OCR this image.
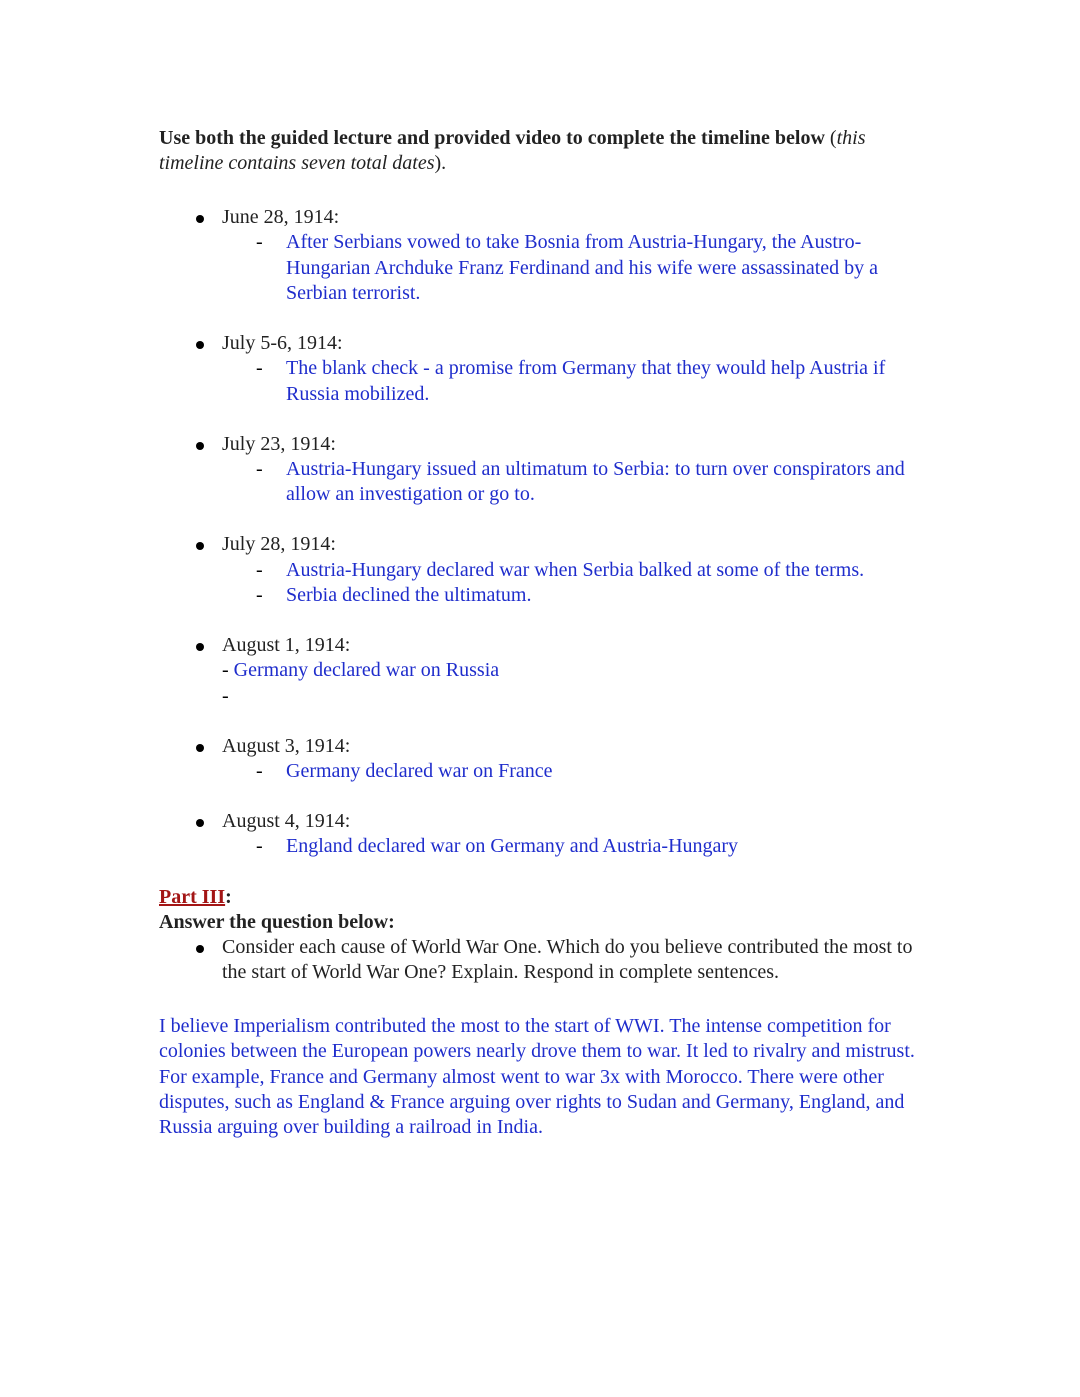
Use both the guided lecture and provided video to complete the timeline below (this timeline contains seven total dates).

June 28, 1914:
- After Serbians vowed to take Bosnia from Austria-Hungary, the Austro-Hungarian Archduke Franz Ferdinand and his wife were assassinated by a Serbian terrorist.
July 5-6, 1914:
- The blank check - a promise from Germany that they would help Austria if Russia mobilized.
July 23, 1914:
- Austria-Hungary issued an ultimatum to Serbia: to turn over conspirators and allow an investigation or go to.
July 28, 1914:
- Austria-Hungary declared war when Serbia balked at some of the terms.
- Serbia declined the ultimatum.
August 1, 1914:
- Germany declared war on Russia
-
August 3, 1914:
- Germany declared war on France
August 4, 1914:
- England declared war on Germany and Austria-Hungary

Part III:

Answer the question below:

Consider each cause of World War One. Which do you believe contributed the most to the start of World War One? Explain. Respond in complete sentences.

I believe Imperialism contributed the most to the start of WWI. The intense competition for colonies between the European powers nearly drove them to war. It led to rivalry and mistrust. For example, France and Germany almost went to war 3x with Morocco. There were other disputes, such as England & France arguing over rights to Sudan and Germany, England, and Russia arguing over building a railroad in India.
